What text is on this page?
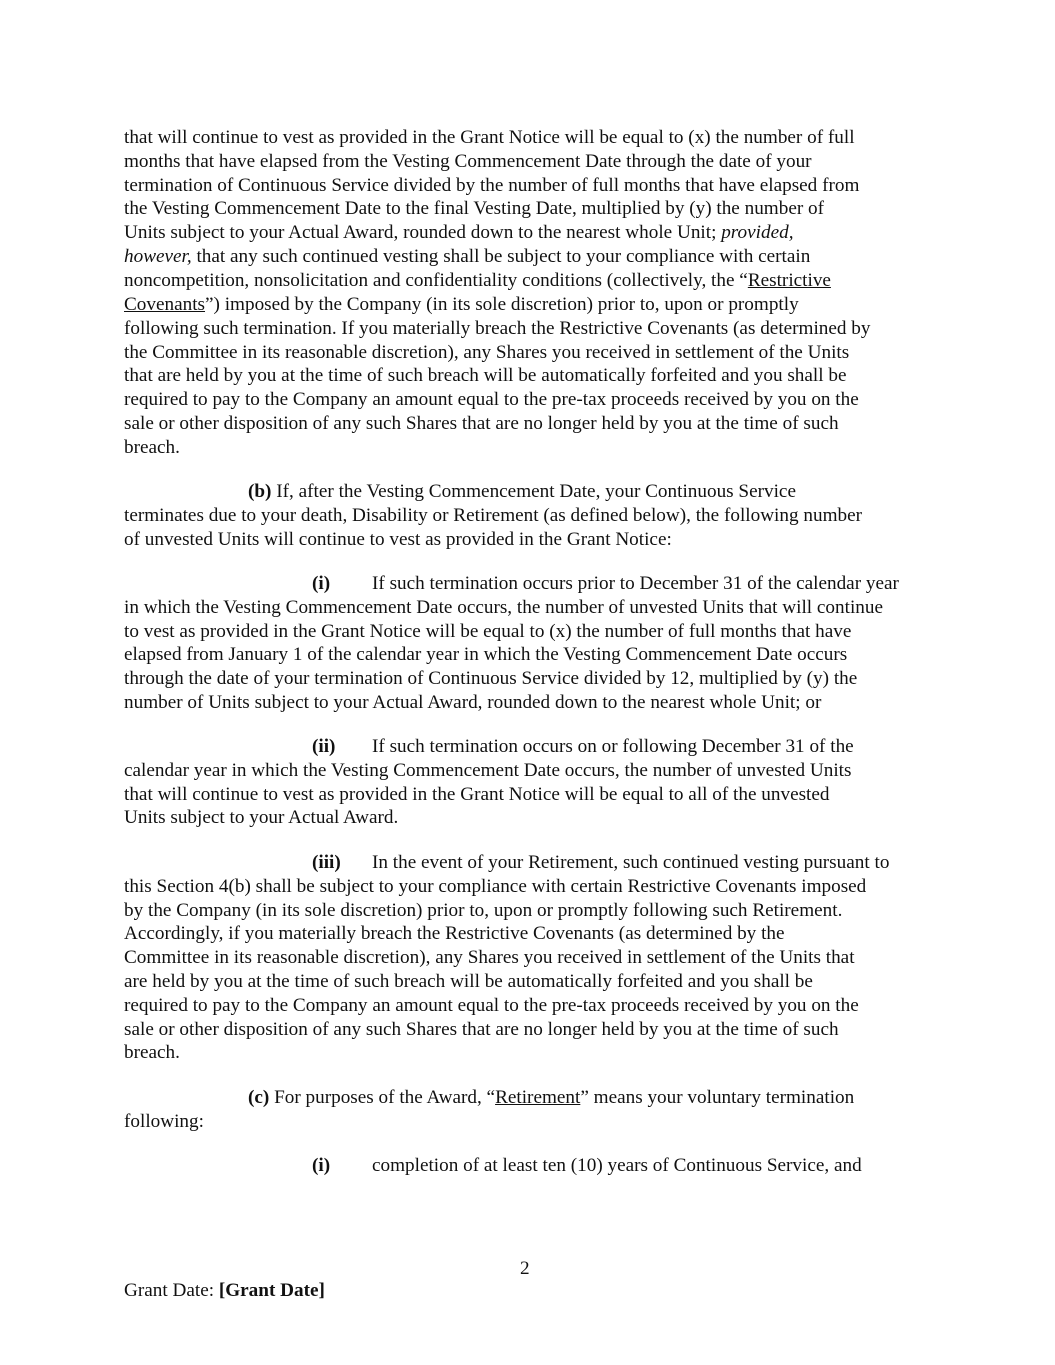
that will continue to vest as provided in the Grant Notice will be equal to (x) the number of full
months that have elapsed from the Vesting Commencement Date through the date of your
termination of Continuous Service divided by the number of full months that have elapsed from
the Vesting Commencement Date to the final Vesting Date, multiplied by (y) the number of
Units subject to your Actual Award, rounded down to the nearest whole Unit; provided,
however, that any such continued vesting shall be subject to your compliance with certain
noncompetition, nonsolicitation and confidentiality conditions (collectively, the “Restrictive
Covenants”) imposed by the Company (in its sole discretion) prior to, upon or promptly
following such termination. If you materially breach the Restrictive Covenants (as determined by
the Committee in its reasonable discretion), any Shares you received in settlement of the Units
that are held by you at the time of such breach will be automatically forfeited and you shall be
required to pay to the Company an amount equal to the pre-tax proceeds received by you on the
sale or other disposition of any such Shares that are no longer held by you at the time of such
breach.
(b) If, after the Vesting Commencement Date, your Continuous Service
terminates due to your death, Disability or Retirement (as defined below), the following number
of unvested Units will continue to vest as provided in the Grant Notice:
(i) If such termination occurs prior to December 31 of the calendar year
in which the Vesting Commencement Date occurs, the number of unvested Units that will continue
to vest as provided in the Grant Notice will be equal to (x) the number of full months that have
elapsed from January 1 of the calendar year in which the Vesting Commencement Date occurs
through the date of your termination of Continuous Service divided by 12, multiplied by (y) the
number of Units subject to your Actual Award, rounded down to the nearest whole Unit; or
(ii) If such termination occurs on or following December 31 of the
calendar year in which the Vesting Commencement Date occurs, the number of unvested Units
that will continue to vest as provided in the Grant Notice will be equal to all of the unvested
Units subject to your Actual Award.
(iii) In the event of your Retirement, such continued vesting pursuant to
this Section 4(b) shall be subject to your compliance with certain Restrictive Covenants imposed
by the Company (in its sole discretion) prior to, upon or promptly following such Retirement.
Accordingly, if you materially breach the Restrictive Covenants (as determined by the
Committee in its reasonable discretion), any Shares you received in settlement of the Units that
are held by you at the time of such breach will be automatically forfeited and you shall be
required to pay to the Company an amount equal to the pre-tax proceeds received by you on the
sale or other disposition of any such Shares that are no longer held by you at the time of such
breach.
(c) For purposes of the Award, “Retirement” means your voluntary termination
following:
(i) completion of at least ten (10) years of Continuous Service, and
2
Grant Date: [Grant Date]
